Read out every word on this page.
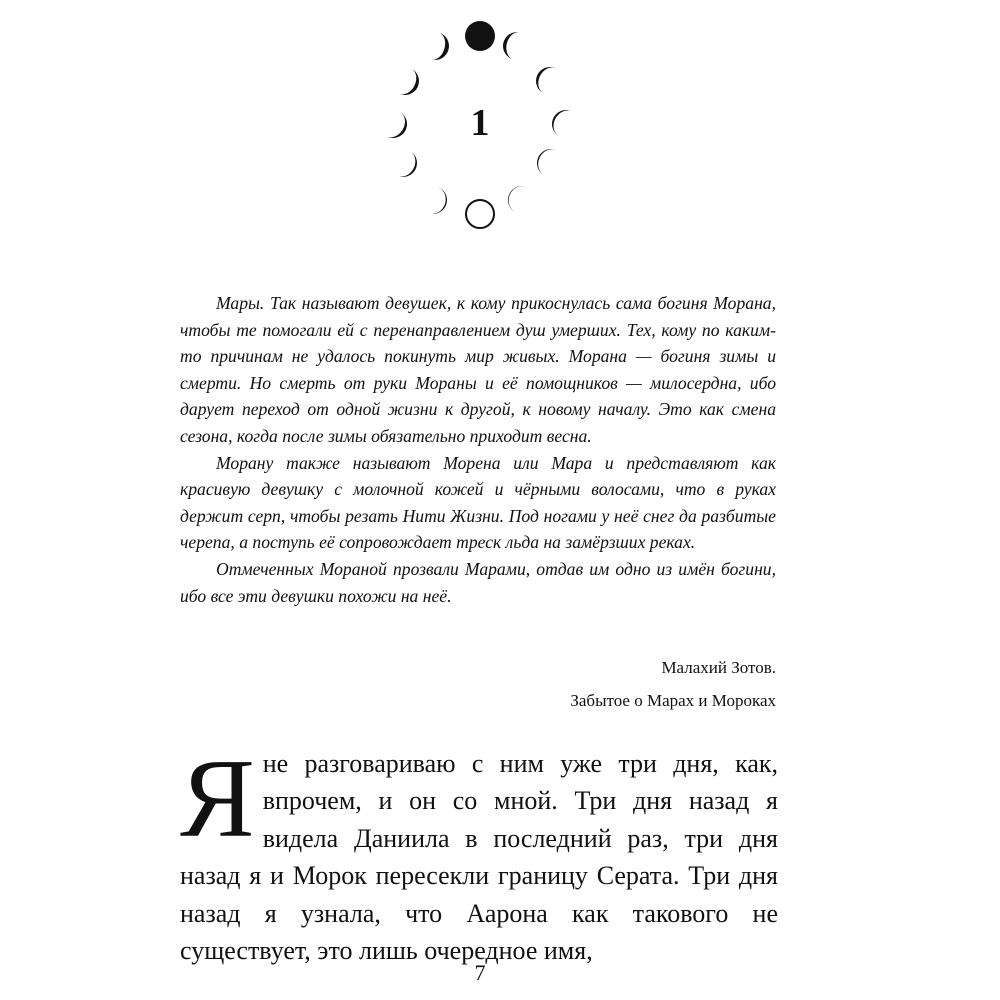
1

Мары. Так называют девушек, к кому прикоснулась сама богиня Морана, чтобы те помогали ей с перенаправлением душ умерших. Тех, кому по каким-то причинам не удалось покинуть мир живых. Морана — богиня зимы и смерти. Но смерть от руки Мораны и её помощников — милосердна, ибо дарует переход от одной жизни к другой, к новому началу. Это как смена сезона, когда после зимы обязательно приходит весна.

Морану также называют Морена или Мара и представляют как красивую девушку с молочной кожей и чёрными волосами, что в руках держит серп, чтобы резать Нити Жизни. Под ногами у неё снег да разбитые черепа, а поступь её сопровождает треск льда на замёрзших реках.

Отмеченных Мораной прозвали Марами, отдав им одно из имён богини, ибо все эти девушки похожи на неё.

Малахий Зотов.
Забытое о Марах и Мороках
Я не разговариваю с ним уже три дня, как, впрочем, и он со мной. Три дня назад я видела Даниила в последний раз, три дня назад я и Морок пересекли границу Серата. Три дня назад я узнала, что Аарона как такового не существует, это лишь очередное имя,
7
